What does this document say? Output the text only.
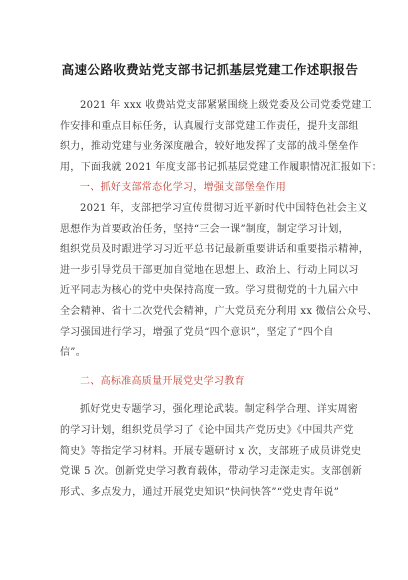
高速公路收费站党支部书记抓基层党建工作述职报告
2021 年 xxx 收费站党支部紧紧围绕上级党委及公司党委党建工
作安排和重点目标任务，认真履行支部党建工作责任，提升支部组
织力，推动党建与业务深度融合，较好地发挥了支部的战斗堡垒作
用，下面我就 2021 年度支部书记抓基层党建工作履职情况汇报如下：

一、抓好支部常态化学习，增强支部堡垒作用

2021 年，支部把学习宣传贯彻习近平新时代中国特色社会主义
思想作为首要政治任务，坚持“三会一课”制度，制定学习计划，
组织党员及时跟进学习习近平总书记最新重要讲话和重要指示精神，
进一步引导党员干部更加自觉地在思想上、政治上、行动上同以习
近平同志为核心的党中央保持高度一致。学习贯彻党的十九届六中
全会精神、省十二次党代会精神，广大党员充分利用 xx 微信公众号、
学习强国进行学习，增强了党员“四个意识”，坚定了“四个自
信”。

二、高标准高质量开展党史学习教育

抓好党史专题学习，强化理论武装。制定科学合理、详实周密
的学习计划，组织党员学习了《论中国共产党历史》《中国共产党
简史》等指定学习材料。开展专题研讨 x 次，支部班子成员讲党史
党课 5 次。创新党史学习教育载体，带动学习走深走实。支部创新
形式、多点发力，通过开展党史知识“快问快答”“党史青年说”
